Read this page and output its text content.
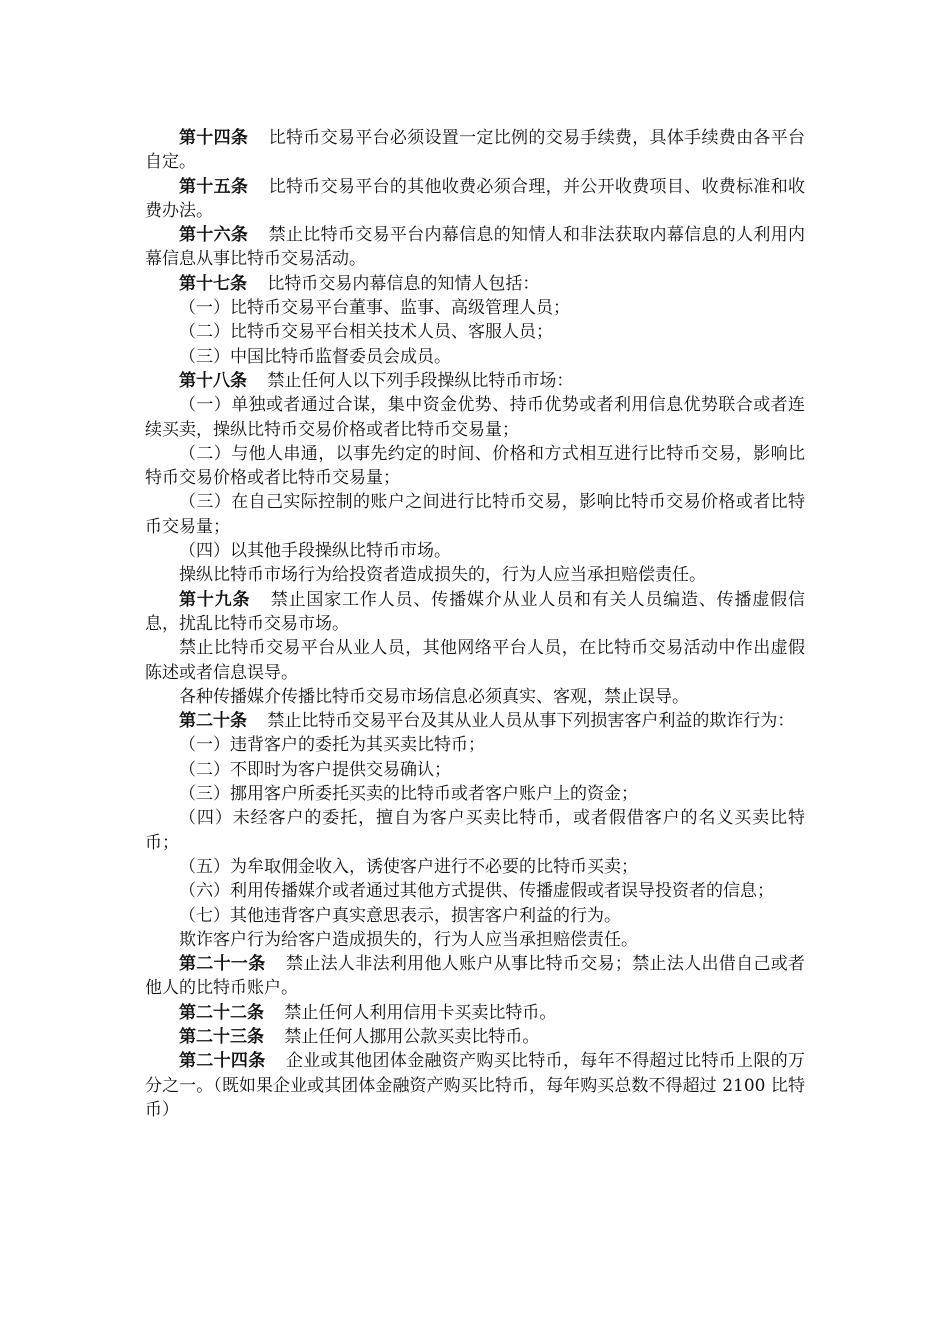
第十四条 比特币交易平台必须设置一定比例的交易手续费，具体手续费由各平台自定。

第十五条 比特币交易平台的其他收费必须合理，并公开收费项目、收费标准和收费办法。

第十六条 禁止比特币交易平台内幕信息的知情人和非法获取内幕信息的人利用内幕信息从事比特币交易活动。

第十七条 比特币交易内幕信息的知情人包括：

（一）比特币交易平台董事、监事、高级管理人员；

（二）比特币交易平台相关技术人员、客服人员；

（三）中国比特币监督委员会成员。

第十八条 禁止任何人以下列手段操纵比特币市场：

（一）单独或者通过合谋，集中资金优势、持币优势或者利用信息优势联合或者连续买卖，操纵比特币交易价格或者比特币交易量；

（二）与他人串通，以事先约定的时间、价格和方式相互进行比特币交易，影响比特币交易价格或者比特币交易量；

（三）在自己实际控制的账户之间进行比特币交易，影响比特币交易价格或者比特币交易量；

（四）以其他手段操纵比特币市场。

操纵比特币市场行为给投资者造成损失的，行为人应当承担赔偿责任。

第十九条 禁止国家工作人员、传播媒介从业人员和有关人员编造、传播虚假信息，扰乱比特币交易市场。

禁止比特币交易平台从业人员，其他网络平台人员，在比特币交易活动中作出虚假陈述或者信息误导。

各种传播媒介传播比特币交易市场信息必须真实、客观，禁止误导。

第二十条 禁止比特币交易平台及其从业人员从事下列损害客户利益的欺诈行为：

（一）违背客户的委托为其买卖比特币；

（二）不即时为客户提供交易确认；

（三）挪用客户所委托买卖的比特币或者客户账户上的资金；

（四）未经客户的委托，擅自为客户买卖比特币，或者假借客户的名义买卖比特币；

（五）为牟取佣金收入，诱使客户进行不必要的比特币买卖；

（六）利用传播媒介或者通过其他方式提供、传播虚假或者误导投资者的信息；

（七）其他违背客户真实意思表示，损害客户利益的行为。

欺诈客户行为给客户造成损失的，行为人应当承担赔偿责任。

第二十一条 禁止法人非法利用他人账户从事比特币交易；禁止法人出借自己或者他人的比特币账户。

第二十二条 禁止任何人利用信用卡买卖比特币。

第二十三条 禁止任何人挪用公款买卖比特币。

第二十四条 企业或其他团体金融资产购买比特币，每年不得超过比特币上限的万分之一。（既如果企业或其团体金融资产购买比特币，每年购买总数不得超过 2100 比特币）
